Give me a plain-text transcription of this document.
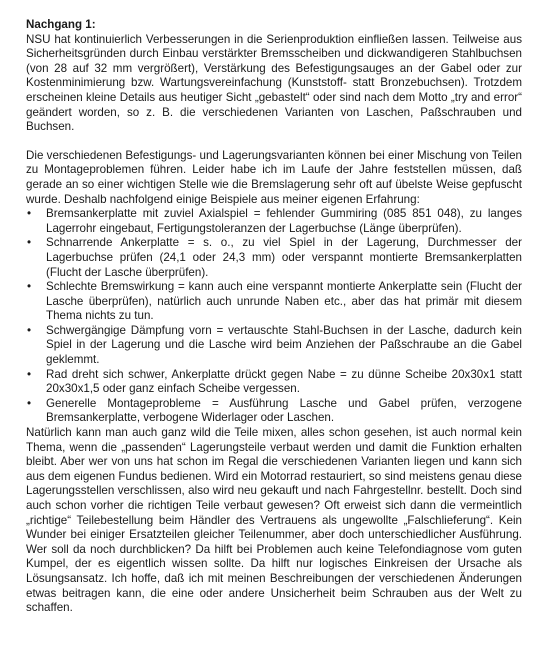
Nachgang 1:

NSU hat kontinuierlich Verbesserungen in die Serienproduktion einfließen lassen. Teilweise aus Sicherheitsgründen durch Einbau verstärkter Bremsscheiben und dickwandigeren Stahlbuchsen (von 28 auf 32 mm vergrößert), Verstärkung des Befestigungsauges an der Gabel oder zur Kostenminimierung bzw. Wartungsvereinfachung (Kunststoff- statt Bronzebuchsen). Trotzdem erscheinen kleine Details aus heutiger Sicht „gebastelt“ oder sind nach dem Motto „try and error“ geändert worden, so z. B. die verschiedenen Varianten von Laschen, Paßschrauben und Buchsen.

Die verschiedenen Befestigungs- und Lagerungsvarianten können bei einer Mischung von Teilen zu Montageproblemen führen. Leider habe ich im Laufe der Jahre feststellen müssen, daß gerade an so einer wichtigen Stelle wie die Bremslagerung sehr oft auf übelste Weise gepfuscht wurde. Deshalb nachfolgend einige Beispiele aus meiner eigenen Erfahrung:

• Bremsankerplatte mit zuviel Axialspiel = fehlender Gummiring (085 851 048), zu langes Lagerrohr eingebaut, Fertigungstoleranzen der Lagerbuchse (Länge überprüfen).
• Schnarrende Ankerplatte = s. o., zu viel Spiel in der Lagerung, Durchmesser der Lagerbuchse prüfen (24,1 oder 24,3 mm) oder verspannt montierte Bremsankerplatten (Flucht der Lasche überprüfen).
• Schlechte Bremswirkung = kann auch eine verspannt montierte Ankerplatte sein (Flucht der Lasche überprüfen), natürlich auch unrunde Naben etc., aber das hat primär mit diesem Thema nichts zu tun.
• Schwergängige Dämpfung vorn = vertauschte Stahl-Buchsen in der Lasche, dadurch kein Spiel in der Lagerung und die Lasche wird beim Anziehen der Paßschraube an die Gabel geklemmt.
• Rad dreht sich schwer, Ankerplatte drückt gegen Nabe = zu dünne Scheibe 20x30x1 statt 20x30x1,5 oder ganz einfach Scheibe vergessen.
• Generelle Montageprobleme = Ausführung Lasche und Gabel prüfen, verzogene Bremsankerplatte, verbogene Widerlager oder Laschen.

Natürlich kann man auch ganz wild die Teile mixen, alles schon gesehen, ist auch normal kein Thema, wenn die „passenden“ Lagerungsteile verbaut werden und damit die Funktion erhalten bleibt. Aber wer von uns hat schon im Regal die verschiedenen Varianten liegen und kann sich aus dem eigenen Fundus bedienen. Wird ein Motorrad restauriert, so sind meistens genau diese Lagerungsstellen verschlissen, also wird neu gekauft und nach Fahrgestellnr. bestellt. Doch sind auch schon vorher die richtigen Teile verbaut gewesen? Oft erweist sich dann die vermeintlich „richtige“ Teilebestellung beim Händler des Vertrauens als ungewollte „Falschlieferung“. Kein Wunder bei einiger Ersatzteilen gleicher Teilenummer, aber doch unterschiedlicher Ausführung. Wer soll da noch durchblicken? Da hilft bei Problemen auch keine Telefondiagnose vom guten Kumpel, der es eigentlich wissen sollte. Da hilft nur logisches Einkreisen der Ursache als Lösungsansatz. Ich hoffe, daß ich mit meinen Beschreibungen der verschiedenen Änderungen etwas beitragen kann, die eine oder andere Unsicherheit beim Schrauben aus der Welt zu schaffen.
